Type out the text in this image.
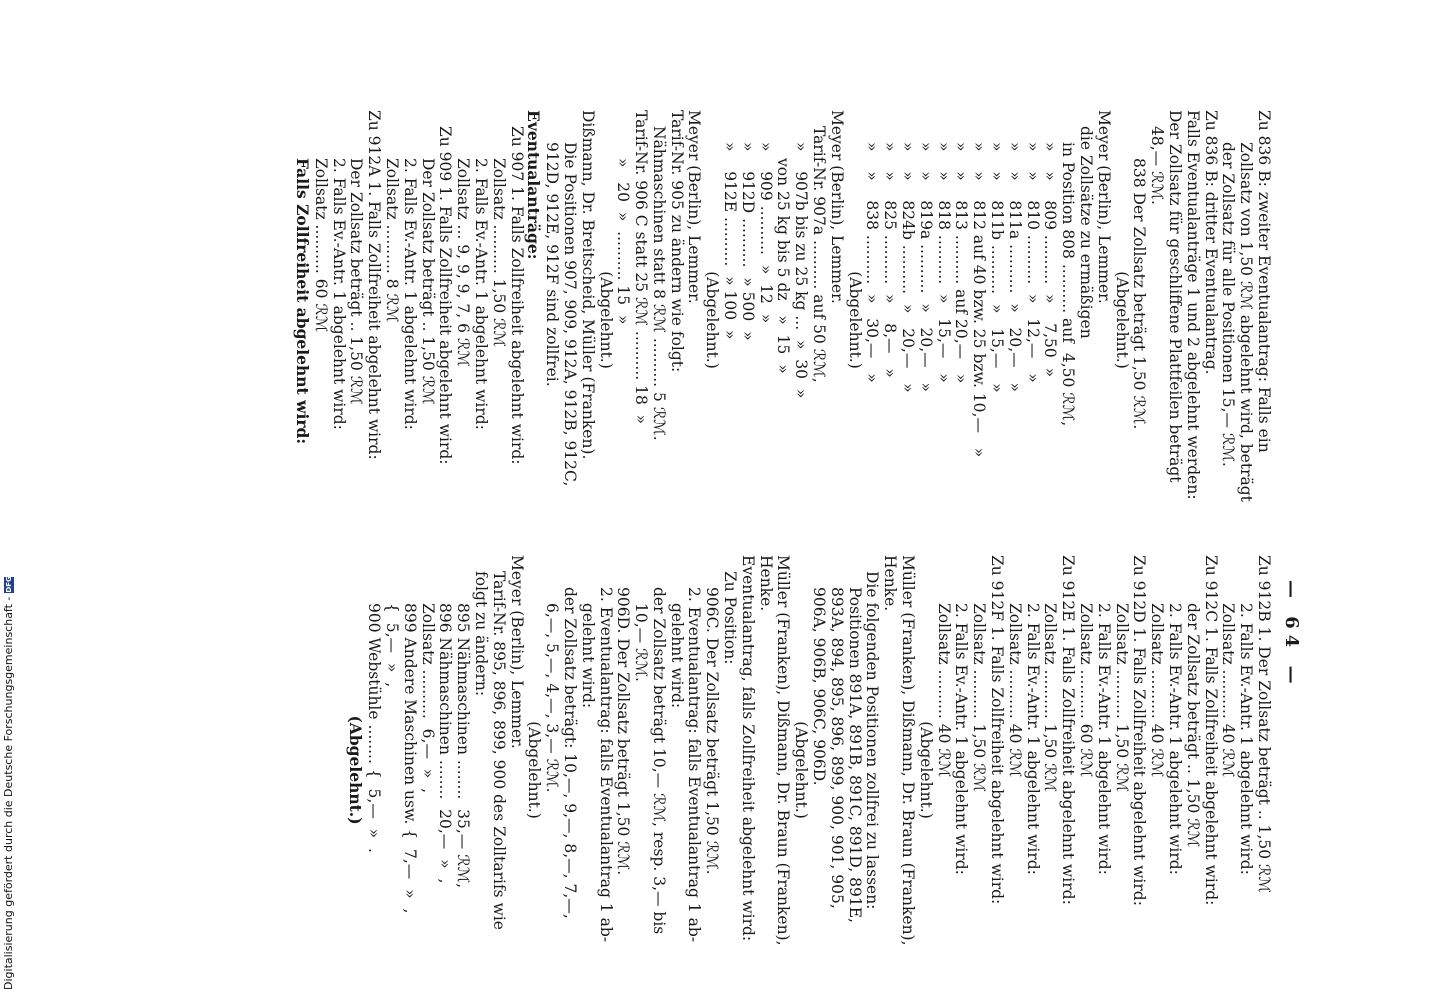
— 64 —
Zu 836 B: zweiter Eventualantrag: Falls ein
Zollsatz von 1,50 ℛℳ abgelehnt wird, beträgt
der Zollsatz für alle Positionen 15,— ℛℳ.
Zu 836 B: dritter Eventualantrag.
Falls Eventualanträge 1 und 2 abgelehnt werden:
Der Zollsatz für geschliffene Plattfeilen beträgt
48,— ℛℳ.
838 Der Zollsatz beträgt 1,50 ℛℳ.
(Abgelehnt.)
Meyer (Berlin), Lemmer.
die Zollsätze zu ermäßigen
in Position 808 .......... auf  4,50 ℛℳ,
»    »    809 ..........  »    7,50  »
»    »    810 ..........  »   12,—   »
»    »    811a ..........  »   20,—   »
»    »    811b ..........  »   15,—   »
»    »    812 auf 40 bzw. 25 bzw. 10,—   »
»    »    813 .......... auf 20,—   »
»    »    818 ..........  »   15,—   »
»    »    819a ..........  »   20,—   »
»    »    824b ..........  »   20,—   »
»    »    825 ..........  »    8,—   »
»    »    838 ..........  »   30,—   »
(Abgelehnt.)
Meyer (Berlin), Lemmer.
Tarif-Nr. 907a .......... auf 50 ℛℳ,
»    907b bis zu 25 kg ...  »  30  »
von 25 kg bis 5 dz   »  15  »
»    909 ..........  »  12  »
»    912D ..........  » 500  »
»    912E ..........  » 100  »
(Abgelehnt.)
Meyer (Berlin), Lemmer.
Tarif-Nr. 905 zu ändern wie folgt:
Nähmaschinen statt 8 ℛℳ .......... 5 ℛℳ.
Tarif-Nr. 906 C statt 25 ℛℳ .......... 18  »
»   20  »  .......... 15  »
(Abgelehnt.)
Dißmann, Dr. Breitscheid, Müller (Franken).
Die Positionen 907, 909, 912A, 912B, 912C,
912D, 912E, 912F sind zollfrei.
Eventualanträge:
Zu 907 1. Falls Zollfreiheit abgelehnt wird:
Zollsatz .......... 1,50 ℛℳ
2. Falls Ev.-Antr. 1 abgelehnt wird:
Zollsatz ... 9, 9, 9, 7, 6 ℛℳ
Zu 909 1. Falls Zollfreiheit abgelehnt wird:
Der Zollsatz beträgt .. 1,50 ℛℳ
2. Falls Ev.-Antr. 1 abgelehnt wird:
Zollsatz .......... 8 ℛℳ
Zu 912A 1. Falls Zollfreiheit abgelehnt wird:
Der Zollsatz beträgt .. 1,50 ℛℳ
2. Falls Ev.-Antr. 1 abgelehnt wird:
Zollsatz .......... 60 ℛℳ
Falls Zollfreiheit abgelehnt wird:
Zu 912B 1. Der Zollsatz beträgt .. 1,50 ℛℳ
2. Falls Ev.-Antr. 1 abgelehnt wird:
Zollsatz .......... 40 ℛℳ
Zu 912C 1. Falls Zollfreiheit abgelehnt wird:
der Zollsatz beträgt .. 1,50 ℛℳ
2. Falls Ev.-Antr. 1 abgelehnt wird:
Zollsatz .......... 40 ℛℳ
Zu 912D 1. Falls Zollfreiheit abgelehnt wird:
Zollsatz .......... 1,50 ℛℳ
2. Falls Ev.-Antr. 1 abgelehnt wird:
Zollsatz .......... 60 ℛℳ
Zu 912E 1. Falls Zollfreiheit abgelehnt wird:
Zollsatz .......... 1,50 ℛℳ
2. Falls Ev.-Antr. 1 abgelehnt wird:
Zollsatz .......... 40 ℛℳ
Zu 912F 1. Falls Zollfreiheit abgelehnt wird:
Zollsatz .......... 1,50 ℛℳ
2. Falls Ev.-Antr. 1 abgelehnt wird:
Zollsatz .......... 40 ℛℳ
(Abgelehnt.)
Müller (Franken), Dißmann, Dr. Braun (Franken),
Henke.
Die folgenden Positionen zollfrei zu lassen:
Positionen 891A, 891B, 891C, 891D, 891E,
893A, 894, 895, 896, 899, 900, 901, 905,
906A, 906B, 906C, 906D.
(Abgelehnt.)
Müller (Franken), Dißmann, Dr. Braun (Franken),
Henke.
Eventualantrag, falls Zollfreiheit abgelehnt wird:
Zu Position:
906C. Der Zollsatz beträgt 1,50 ℛℳ.
2. Eventualantrag: falls Eventualantrag 1 ab-
gelehnt wird:
der Zollsatz beträgt 10,— ℛℳ, resp. 3,— bis
10,— ℛℳ.
906D. Der Zollsatz beträgt 1,50 ℛℳ.
2. Eventualantrag: falls Eventualantrag 1 ab-
gelehnt wird:
der Zollsatz beträgt: 10,—, 9,—, 8,—, 7,—,
6,—, 5,—, 4,—, 3,— ℛℳ.
(Abgelehnt.)
Meyer (Berlin), Lemmer.
Tarif-Nr. 895, 896, 899, 900 des Zolltarifs wie
folgt zu ändern:
895 Nähmaschinen ........  35,— ℛℳ,
896 Nähmaschinen ........  20,—  »  ,
Zollsatz ..........  6,—  »  ,
899 Andere Maschinen usw. {  7,—  »  ,
{  5,—  »  ,
900 Webstühle ........ {  5,—  »  .
(Abgelehnt.)
Digitalisierung gefördert durch die Deutsche Forschungsgemeinschaft -
DFG
